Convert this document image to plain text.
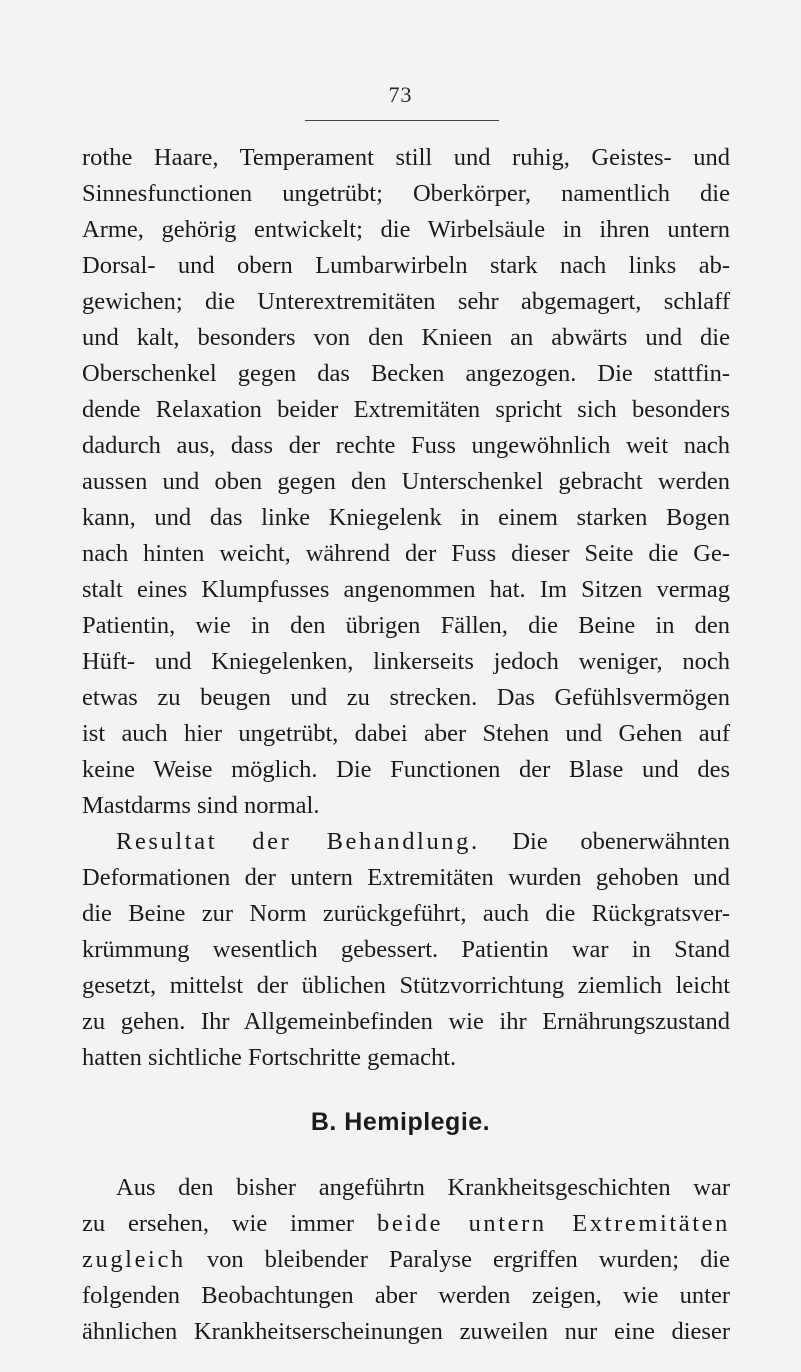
73
rothe Haare, Temperament still und ruhig, Geistes- und
Sinnesfunctionen ungetrübt; Oberkörper, namentlich die
Arme, gehörig entwickelt; die Wirbelsäule in ihren untern
Dorsal- und obern Lumbarwirbeln stark nach links ab-
gewichen; die Unterextremitäten sehr abgemagert, schlaff
und kalt, besonders von den Knieen an abwärts und die
Oberschenkel gegen das Becken angezogen. Die stattfin-
dende Relaxation beider Extremitäten spricht sich besonders
dadurch aus, dass der rechte Fuss ungewöhnlich weit nach
aussen und oben gegen den Unterschenkel gebracht werden
kann, und das linke Kniegelenk in einem starken Bogen
nach hinten weicht, während der Fuss dieser Seite die Ge-
stalt eines Klumpfusses angenommen hat. Im Sitzen vermag
Patientin, wie in den übrigen Fällen, die Beine in den
Hüft- und Kniegelenken, linkerseits jedoch weniger, noch
etwas zu beugen und zu strecken. Das Gefühlsvermögen
ist auch hier ungetrübt, dabei aber Stehen und Gehen auf
keine Weise möglich. Die Functionen der Blase und des
Mastdarms sind normal.
Resultat der Behandlung. Die obenerwähnten
Deformationen der untern Extremitäten wurden gehoben und
die Beine zur Norm zurückgeführt, auch die Rückgratsver-
krümmung wesentlich gebessert. Patientin war in Stand
gesetzt, mittelst der üblichen Stützvorrichtung ziemlich leicht
zu gehen. Ihr Allgemeinbefinden wie ihr Ernährungszustand
hatten sichtliche Fortschritte gemacht.
B. Hemiplegie.
Aus den bisher angeführtn Krankheitsgeschichten war
zu ersehen, wie immer beide untern Extremitäten
zugleich von bleibender Paralyse ergriffen wurden; die
folgenden Beobachtungen aber werden zeigen, wie unter
ähnlichen Krankheitserscheinungen zuweilen nur eine dieser
